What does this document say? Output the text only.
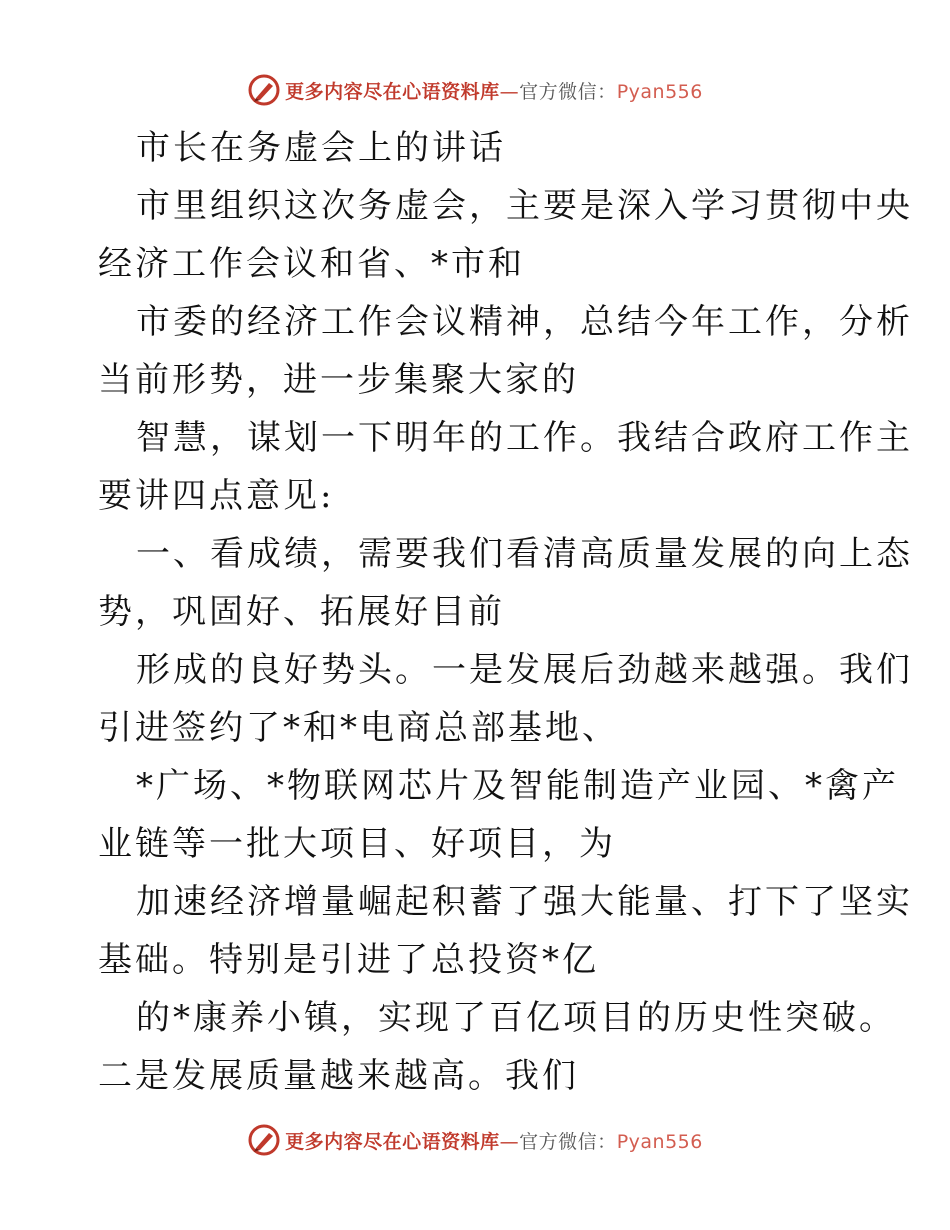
更多内容尽在心语资料库—官方微信：Pyan556
市长在务虚会上的讲话
市里组织这次务虚会，主要是深入学习贯彻中央
经济工作会议和省、*市和
市委的经济工作会议精神，总结今年工作，分析
当前形势，进一步集聚大家的
智慧，谋划一下明年的工作。我结合政府工作主
要讲四点意见:
一、看成绩，需要我们看清高质量发展的向上态
势，巩固好、拓展好目前
形成的良好势头。一是发展后劲越来越强。我们
引进签约了*和*电商总部基地、
*广场、*物联网芯片及智能制造产业园、*禽产
业链等一批大项目、好项目，为
加速经济增量崛起积蓄了强大能量、打下了坚实
基础。特别是引进了总投资*亿
的*康养小镇，实现了百亿项目的历史性突破。
二是发展质量越来越高。我们
更多内容尽在心语资料库—官方微信：Pyan556
